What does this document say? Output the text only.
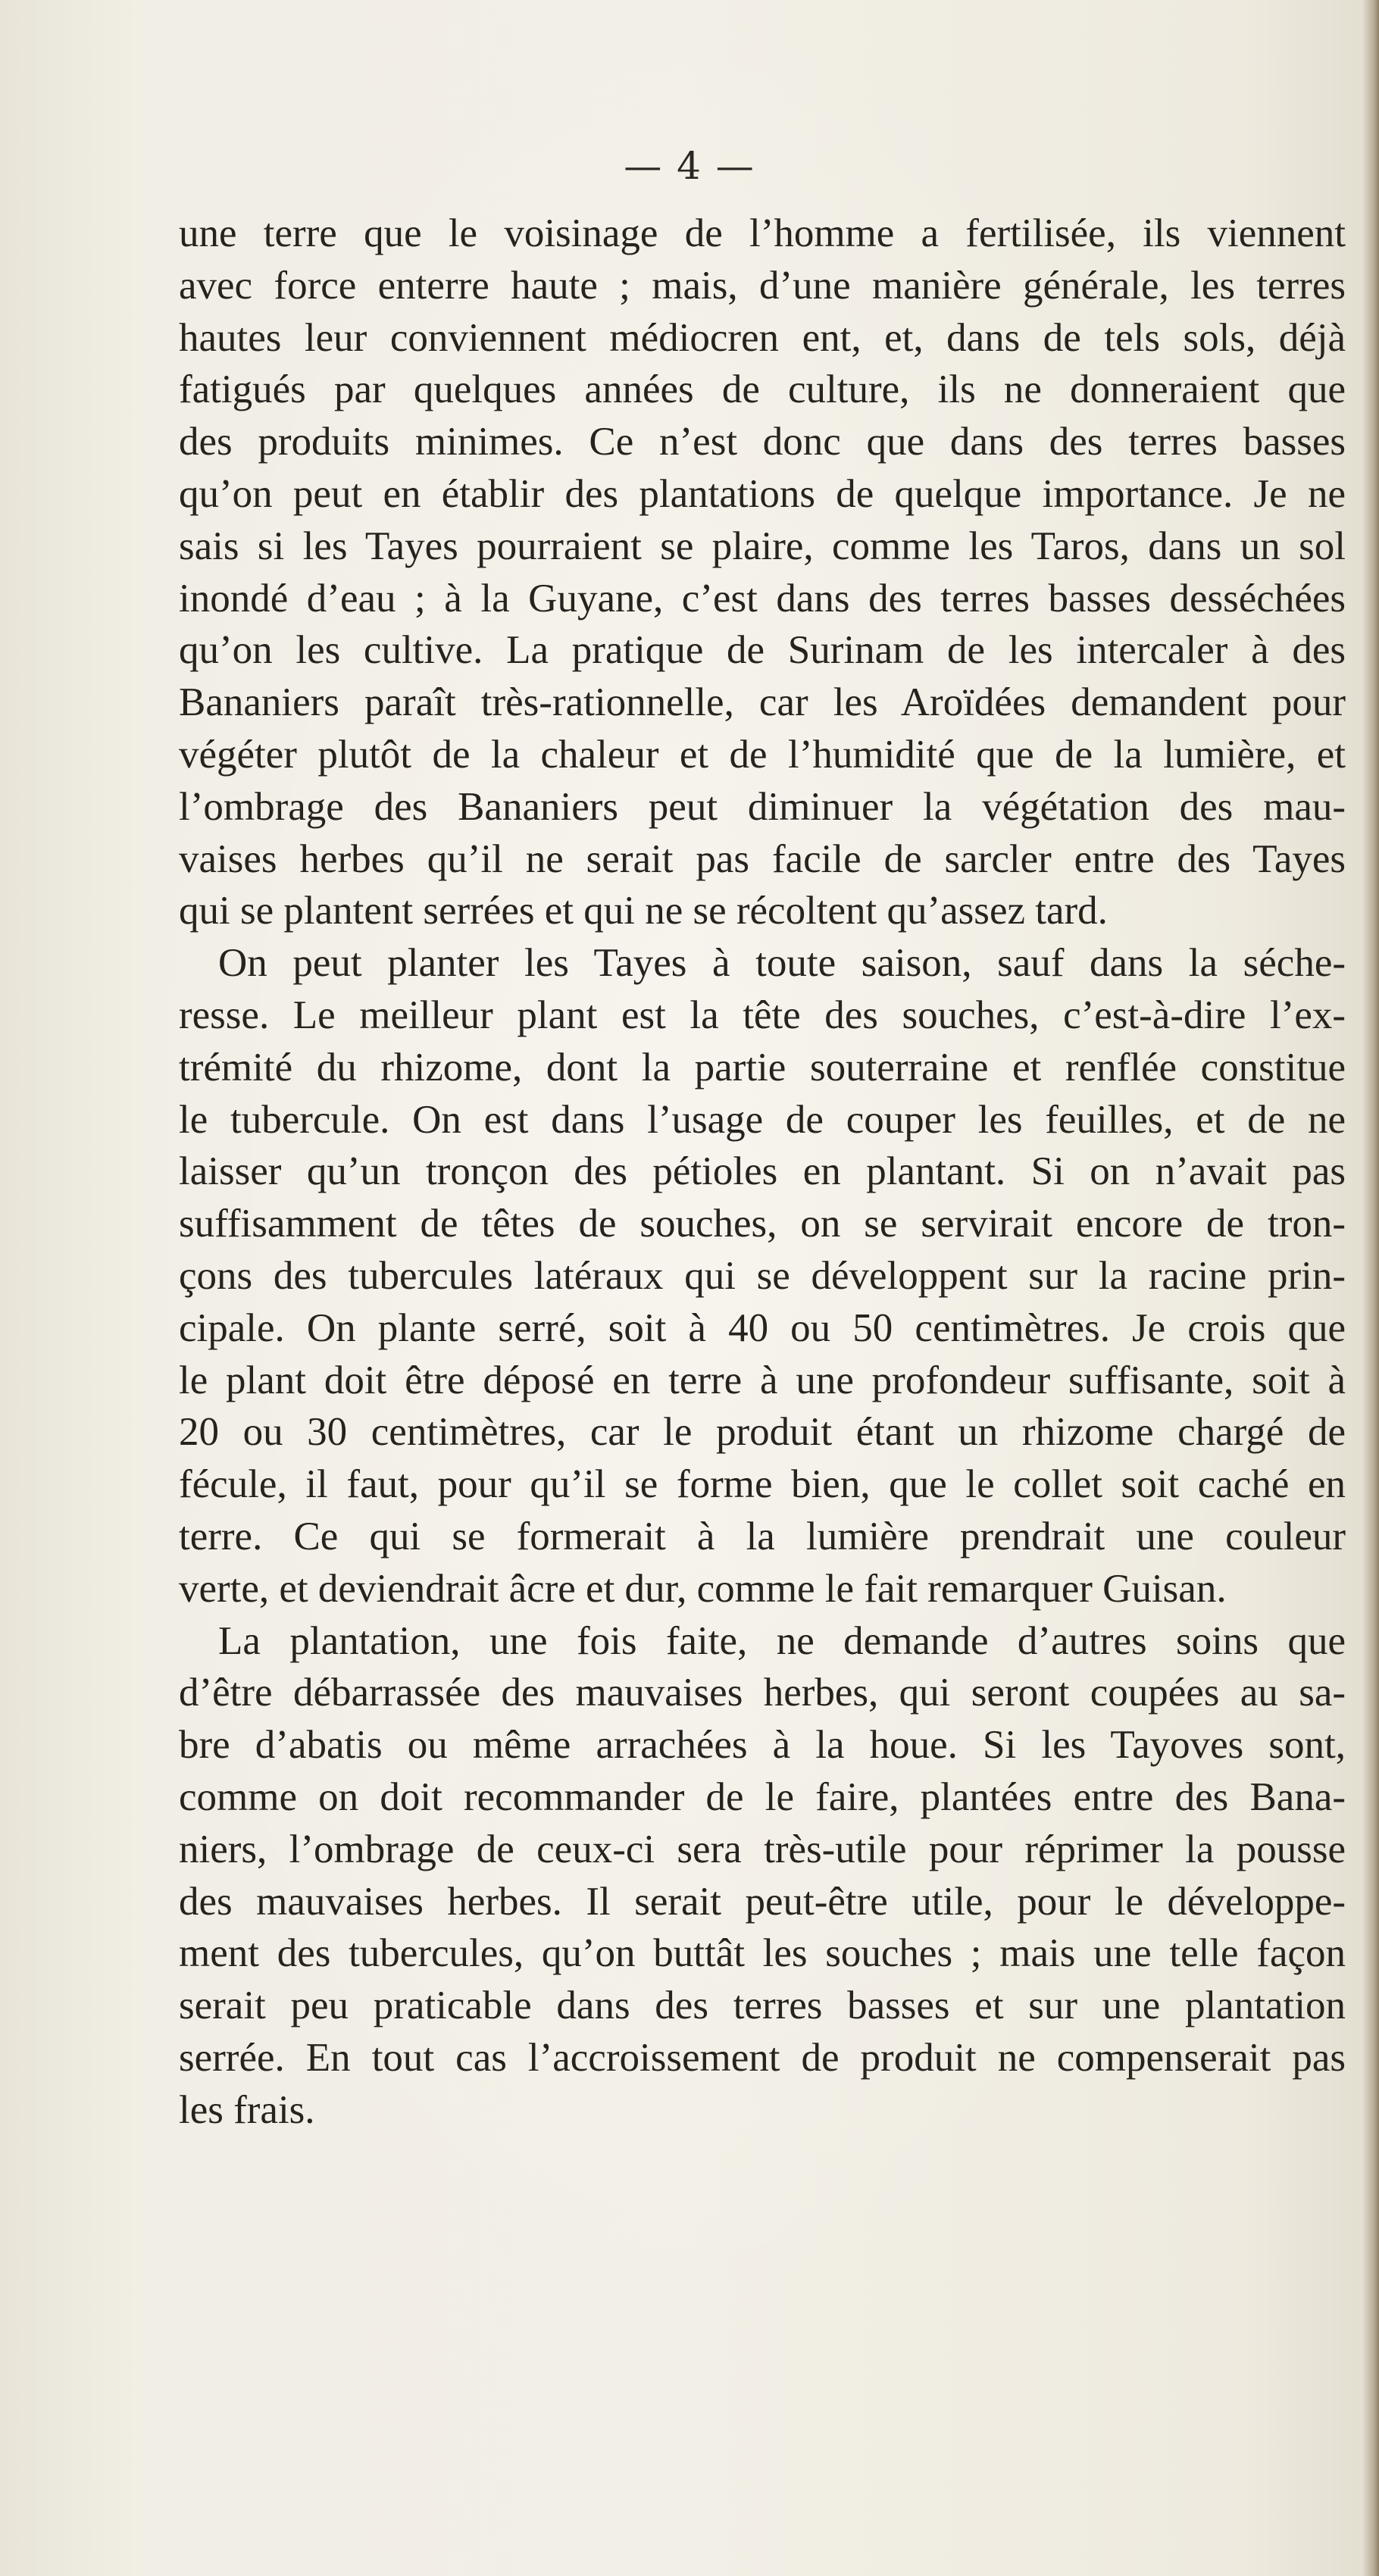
— 4 —
une terre que le voisinage de l’homme a fertilisée, ils viennent
avec force enterre haute ; mais, d’une manière générale, les terres
hautes leur conviennent médiocren ent, et, dans de tels sols, déjà
fatigués par quelques années de culture, ils ne donneraient que
des produits minimes. Ce n’est donc que dans des terres basses
qu’on peut en établir des plantations de quelque importance. Je ne
sais si les Tayes pourraient se plaire, comme les Taros, dans un sol
inondé d’eau ; à la Guyane, c’est dans des terres basses desséchées
qu’on les cultive. La pratique de Surinam de les intercaler à des
Bananiers paraît très-rationnelle, car les Aroïdées demandent pour
végéter plutôt de la chaleur et de l’humidité que de la lumière, et
l’ombrage des Bananiers peut diminuer la végétation des mau-
vaises herbes qu’il ne serait pas facile de sarcler entre des Tayes
qui se plantent serrées et qui ne se récoltent qu’assez tard.
On peut planter les Tayes à toute saison, sauf dans la séche-
resse. Le meilleur plant est la tête des souches, c’est-à-dire l’ex-
trémité du rhizome, dont la partie souterraine et renflée constitue
le tubercule. On est dans l’usage de couper les feuilles, et de ne
laisser qu’un tronçon des pétioles en plantant. Si on n’avait pas
suffisamment de têtes de souches, on se servirait encore de tron-
çons des tubercules latéraux qui se développent sur la racine prin-
cipale. On plante serré, soit à 40 ou 50 centimètres. Je crois que
le plant doit être déposé en terre à une profondeur suffisante, soit à
20 ou 30 centimètres, car le produit étant un rhizome chargé de
fécule, il faut, pour qu’il se forme bien, que le collet soit caché en
terre. Ce qui se formerait à la lumière prendrait une couleur
verte, et deviendrait âcre et dur, comme le fait remarquer Guisan.
La plantation, une fois faite, ne demande d’autres soins que
d’être débarrassée des mauvaises herbes, qui seront coupées au sa-
bre d’abatis ou même arrachées à la houe. Si les Tayoves sont,
comme on doit recommander de le faire, plantées entre des Bana-
niers, l’ombrage de ceux-ci sera très-utile pour réprimer la pousse
des mauvaises herbes. Il serait peut-être utile, pour le développe-
ment des tubercules, qu’on buttât les souches ; mais une telle façon
serait peu praticable dans des terres basses et sur une plantation
serrée. En tout cas l’accroissement de produit ne compenserait pas
les frais.
